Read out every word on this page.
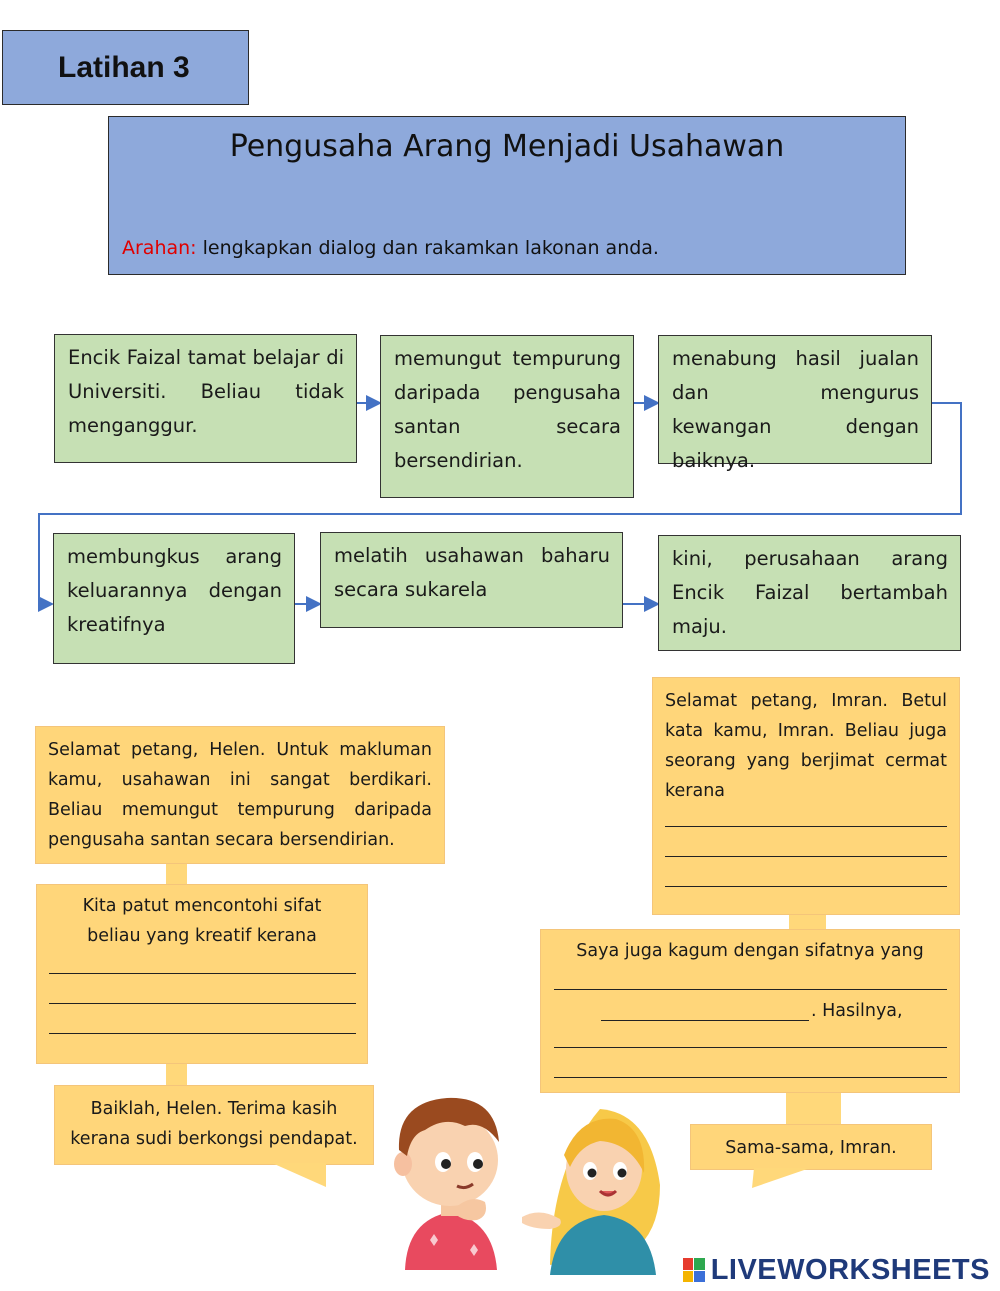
Latihan 3
Pengusaha Arang Menjadi Usahawan
Arahan: lengkapkan dialog dan rakamkan lakonan anda.
Encik Faizal tamat belajar di Universiti. Beliau tidak menganggur.
memungut tempurung daripada pengusaha santan secara bersendirian.
menabung hasil jualan dan mengurus kewangan dengan baiknya.
membungkus arang keluarannya dengan kreatifnya
melatih usahawan baharu secara sukarela
kini, perusahaan arang Encik Faizal bertambah maju.
Selamat petang, Helen. Untuk makluman kamu, usahawan ini sangat berdikari. Beliau memungut tempurung daripada pengusaha santan secara bersendirian.
Kita patut mencontohi sifat
beliau yang kreatif kerana
Baiklah, Helen. Terima kasih
kerana sudi berkongsi pendapat.
Selamat petang, Imran. Betul
kata kamu, Imran. Beliau juga
seorang yang berjimat cermat
kerana
Saya juga kagum dengan sifatnya yang
. Hasilnya,
Sama-sama, Imran.
LIVEWORKSHEETS
